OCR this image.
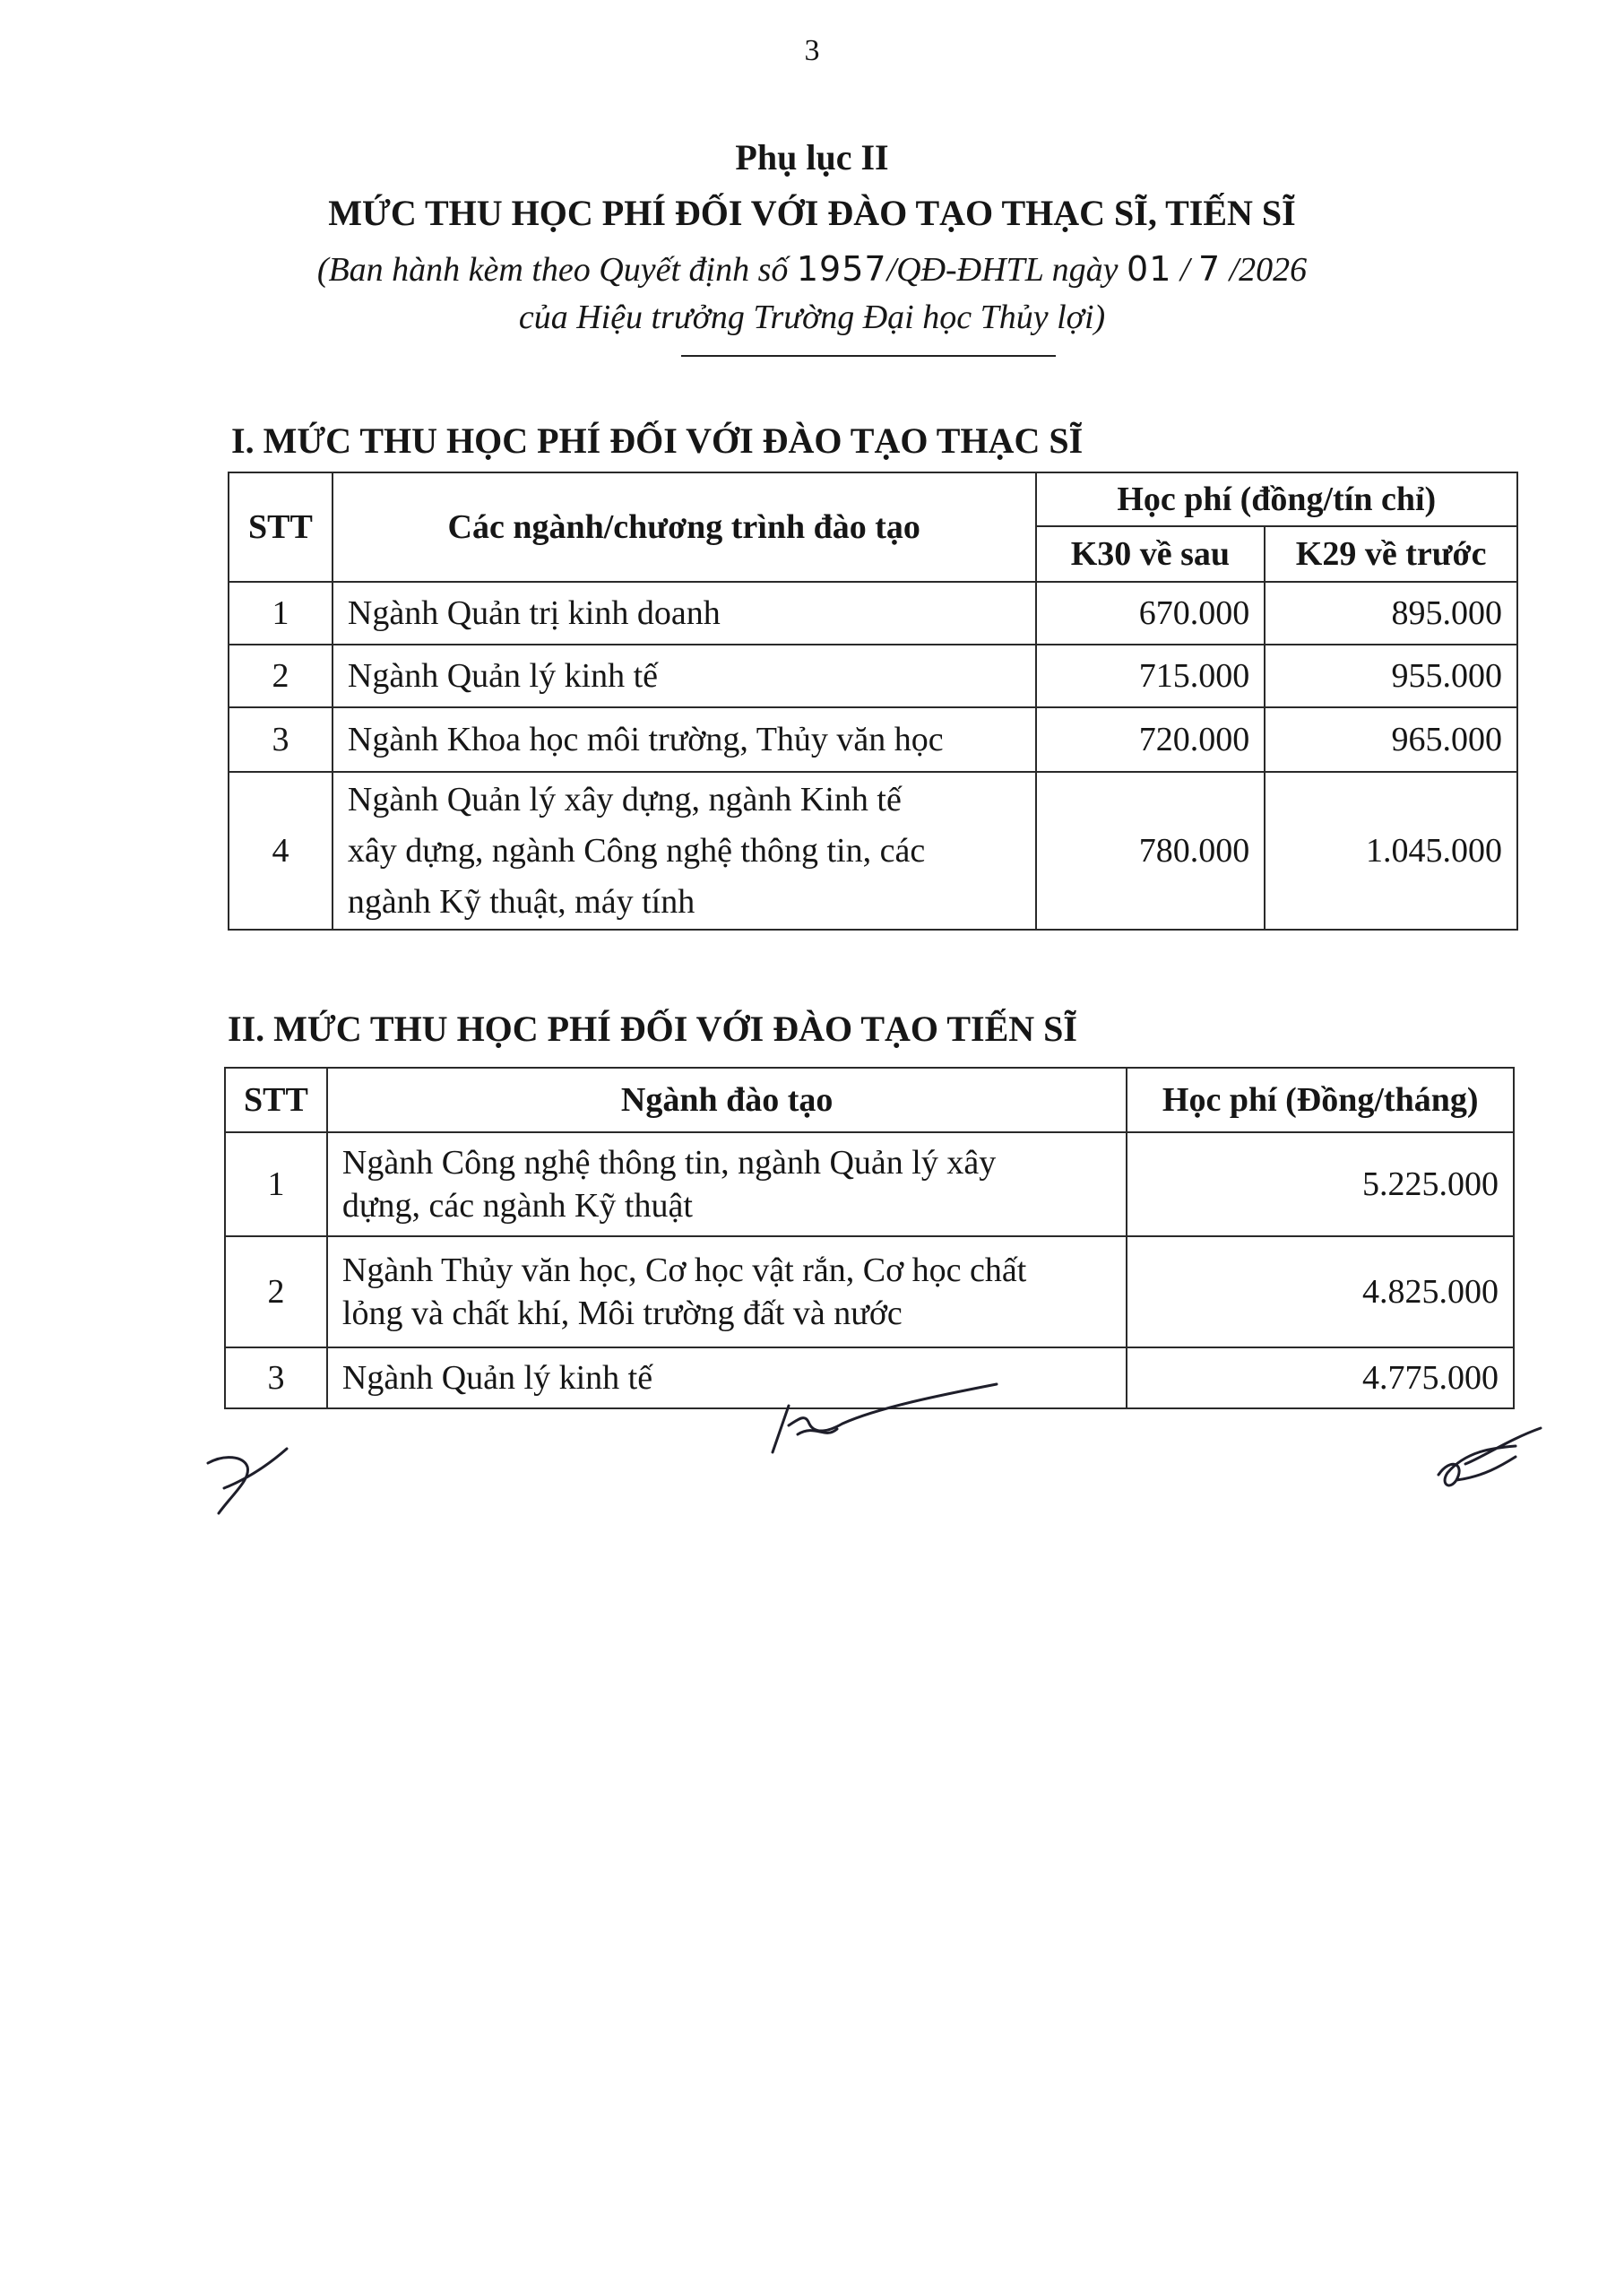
3
Phụ lục II
MỨC THU HỌC PHÍ ĐỐI VỚI ĐÀO TẠO THẠC SĨ, TIẾN SĨ
(Ban hành kèm theo Quyết định số 1957/QĐ-ĐHTL ngày 01 / 7 /2026
của Hiệu trưởng Trường Đại học Thủy lợi)
I. MỨC THU HỌC PHÍ ĐỐI VỚI ĐÀO TẠO THẠC SĨ
STT	Các ngành/chương trình đào tạo	Học phí (đồng/tín chỉ)	
		K30 về sau	K29 về trước
1	Ngành Quản trị kinh doanh	670.000	895.000
2	Ngành Quản lý kinh tế	715.000	955.000
3	Ngành Khoa học môi trường, Thủy văn học	720.000	965.000
4	Ngành Quản lý xây dựng, ngành Kinh tế
xây dựng, ngành Công nghệ thông tin, các
ngành Kỹ thuật, máy tính	780.000	1.045.000
II. MỨC THU HỌC PHÍ ĐỐI VỚI ĐÀO TẠO TIẾN SĨ
STT	Ngành đào tạo	Học phí (Đồng/tháng)
1	Ngành Công nghệ thông tin, ngành Quản lý xây
dựng, các ngành Kỹ thuật	5.225.000
2	Ngành Thủy văn học, Cơ học vật rắn, Cơ học chất
lỏng và chất khí, Môi trường đất và nước	4.825.000
3	Ngành Quản lý kinh tế	4.775.000
